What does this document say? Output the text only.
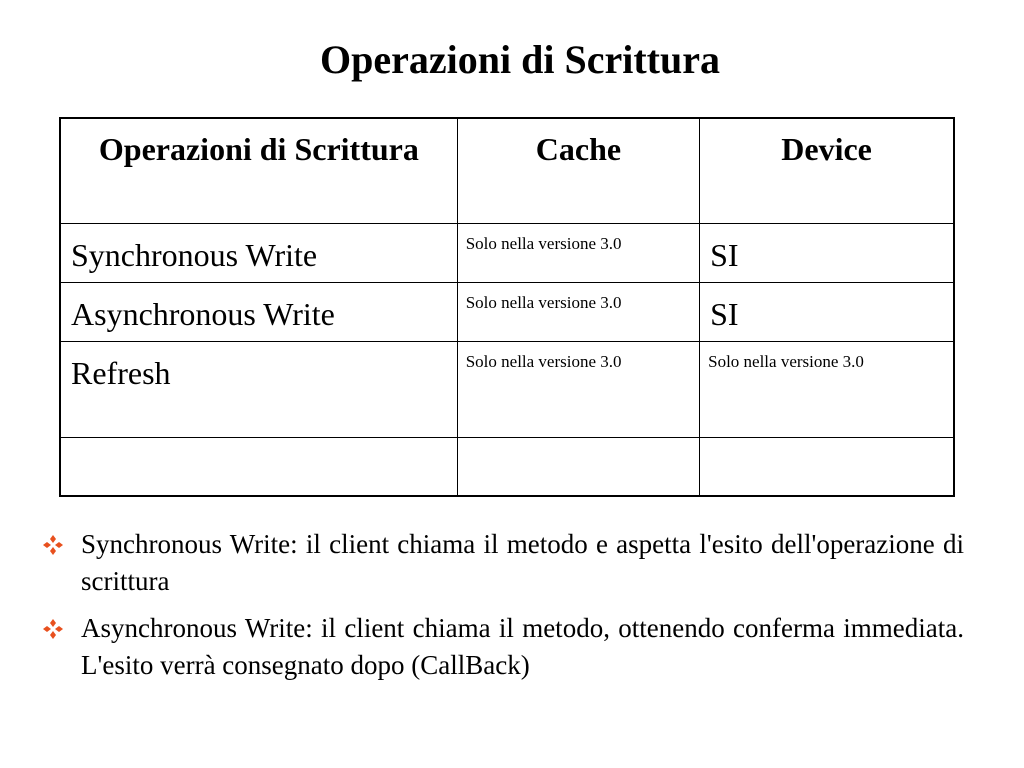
Operazioni di Scrittura
Operazioni di Scrittura	Cache	Device

Synchronous Write	Solo nella versione 3.0	SI

Asynchronous Write	Solo nella versione 3.0	SI

Refresh	Solo nella versione 3.0	Solo nella versione 3.0

Synchronous Write: il client chiama il metodo e aspetta l'esito dell'operazione di scrittura
Asynchronous Write: il client chiama il metodo, ottenendo conferma immediata. L'esito verrà consegnato dopo (CallBack)
